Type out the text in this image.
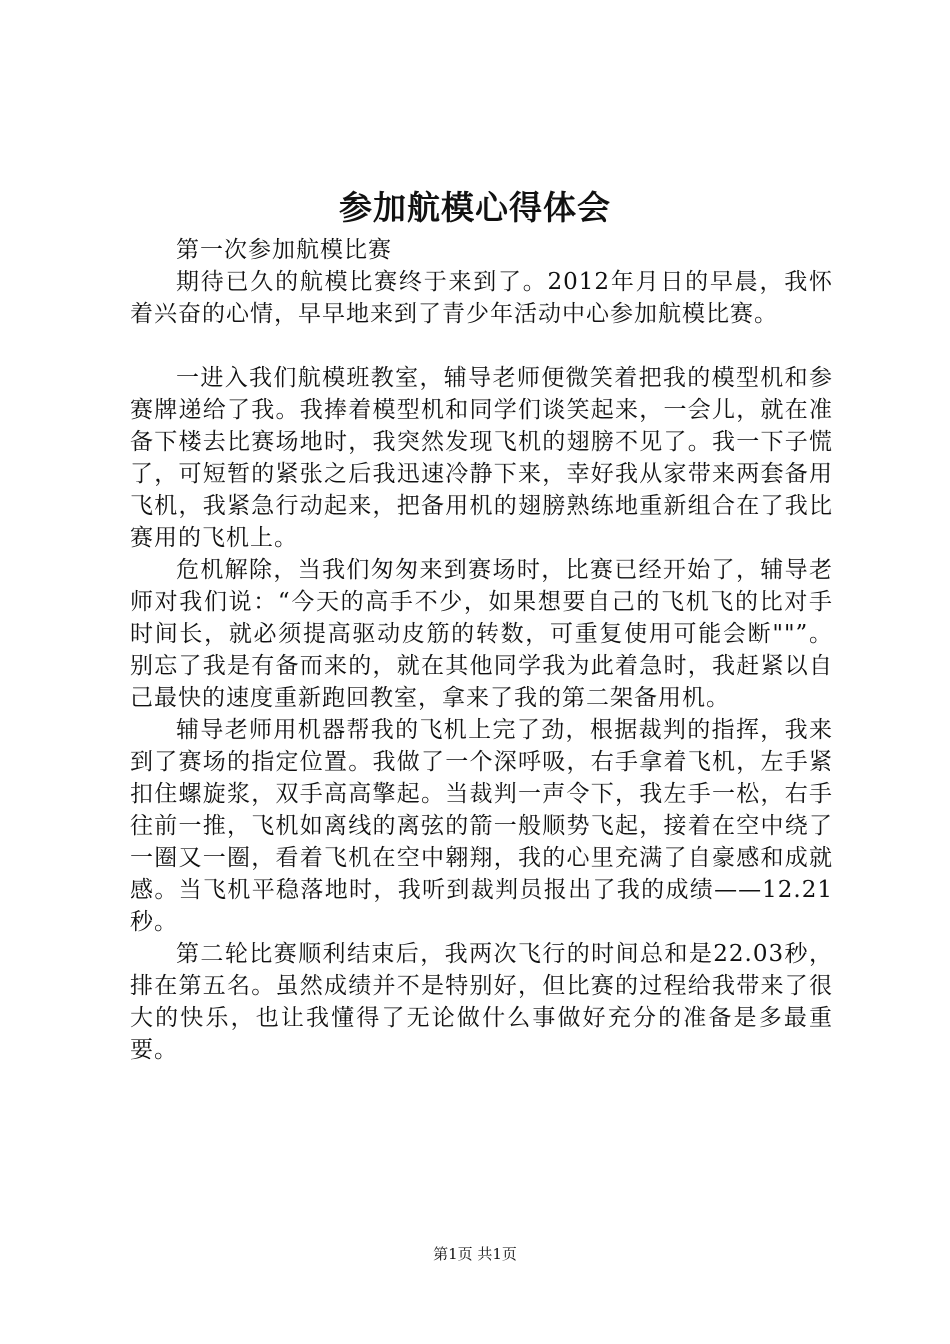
参加航模心得体会

第一次参加航模比赛

期待已久的航模比赛终于来到了。2012年月日的早晨，我怀着兴奋的心情，早早地来到了青少年活动中心参加航模比赛。

一进入我们航模班教室，辅导老师便微笑着把我的模型机和参赛牌递给了我。我捧着模型机和同学们谈笑起来，一会儿，就在准备下楼去比赛场地时，我突然发现飞机的翅膀不见了。我一下子慌了，可短暂的紧张之后我迅速冷静下来，幸好我从家带来两套备用飞机，我紧急行动起来，把备用机的翅膀熟练地重新组合在了我比赛用的飞机上。

危机解除，当我们匆匆来到赛场时，比赛已经开始了，辅导老师对我们说：“今天的高手不少，如果想要自己的飞机飞的比对手时间长，就必须提高驱动皮筋的转数，可重复使用可能会断""”。别忘了我是有备而来的，就在其他同学我为此着急时，我赶紧以自己最快的速度重新跑回教室，拿来了我的第二架备用机。

辅导老师用机器帮我的飞机上完了劲，根据裁判的指挥，我来到了赛场的指定位置。我做了一个深呼吸，右手拿着飞机，左手紧扣住螺旋浆，双手高高擎起。当裁判一声令下，我左手一松，右手往前一推，飞机如离线的离弦的箭一般顺势飞起，接着在空中绕了一圈又一圈，看着飞机在空中翱翔，我的心里充满了自豪感和成就感。当飞机平稳落地时，我听到裁判员报出了我的成绩——12.21秒。

第二轮比赛顺利结束后，我两次飞行的时间总和是22.03秒，排在第五名。虽然成绩并不是特别好，但比赛的过程给我带来了很大的快乐，也让我懂得了无论做什么事做好充分的准备是多最重要。

第1页 共1页
